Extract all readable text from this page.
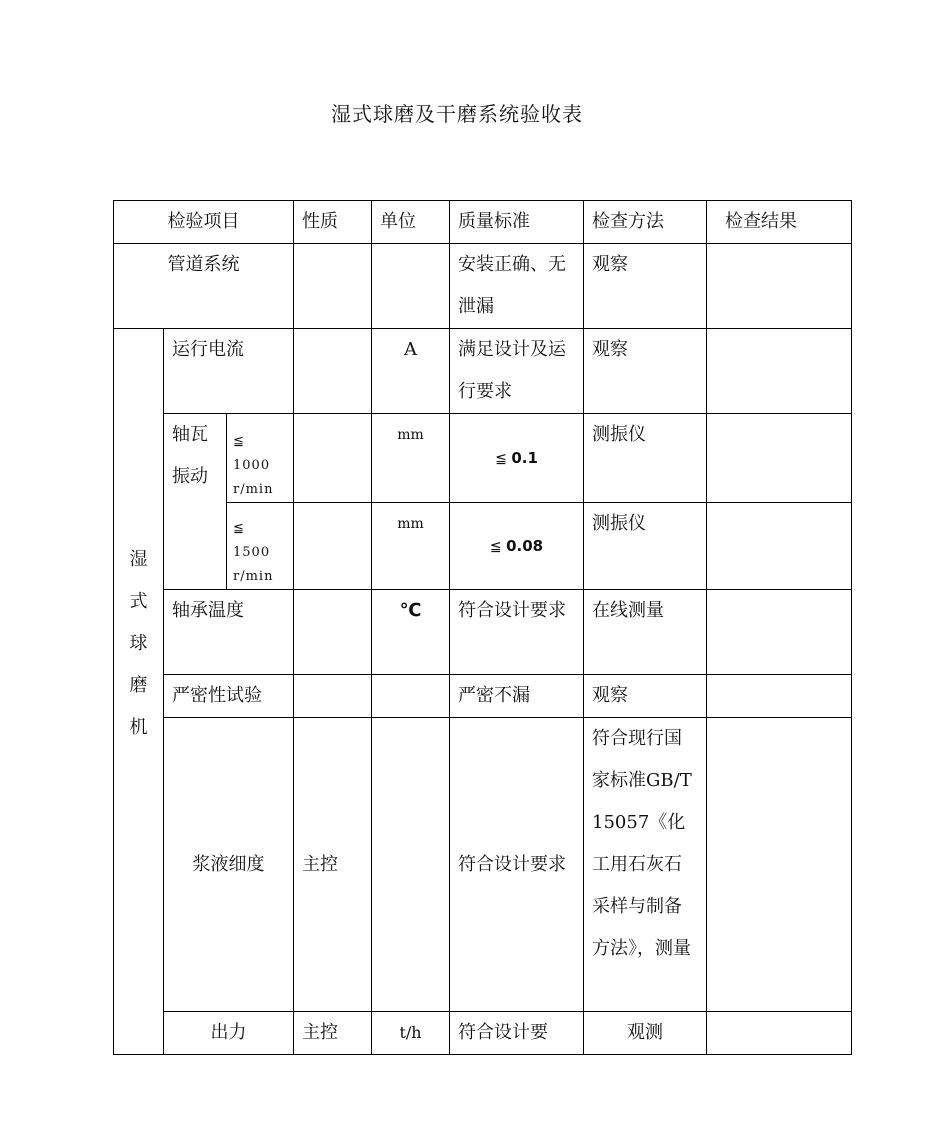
湿式球磨及干磨系统验收表
检验项目			性质	单位	质量标准	检查方法	检查结果
管道系统					安装正确、无泄漏	观察	
湿式球磨机	运行电流			A	满足设计及运行要求	观察	
	轴瓦振动	≦ 1000 r/min		mm	≦ 0.1	测振仪	
		≦ 1500 r/min		mm	≦ 0.08	测振仪	
	轴承温度			℃	符合设计要求	在线测量	
	严密性试验				严密不漏	观察	
	浆液细度		主控		符合设计要求	符合现行国家标准GB/T15057《化工用石灰石采样与制备方法》，测量	
	出力		主控	t/h	符合设计要	观测	
